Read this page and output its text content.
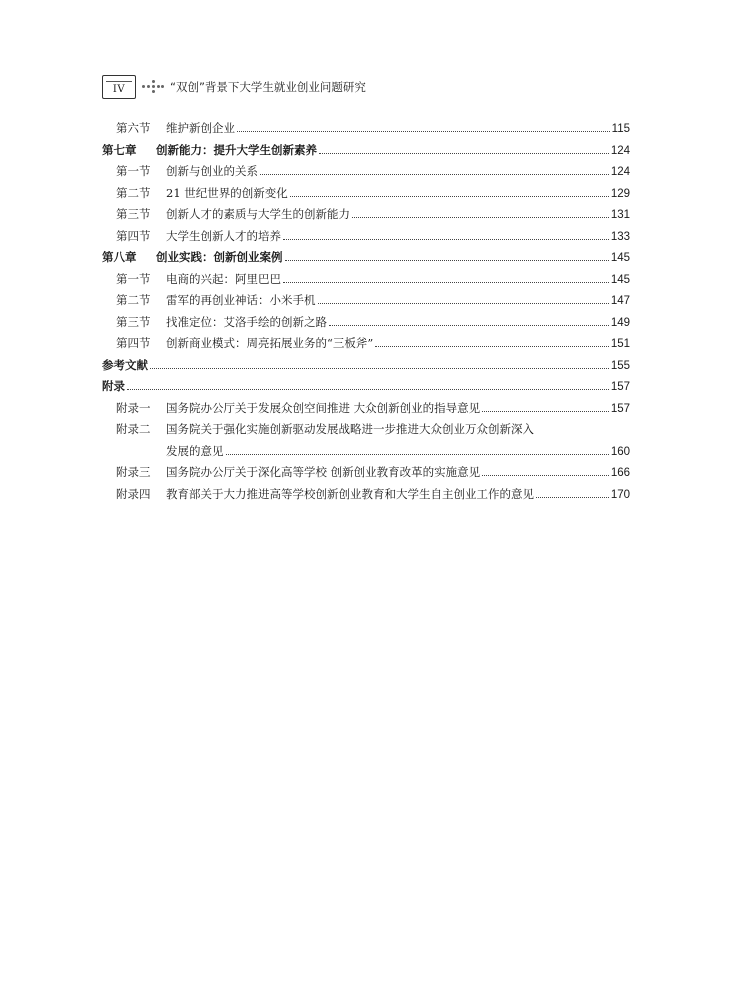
IV	“双创”背景下大学生就业创业问题研究
第六节	维护新创企业	115
第七章	创新能力：提升大学生创新素养	124
第一节	创新与创业的关系	124
第二节	21 世纪世界的创新变化	129
第三节	创新人才的素质与大学生的创新能力	131
第四节	大学生创新人才的培养	133
第八章	创业实践：创新创业案例	145
第一节	电商的兴起：阿里巴巴	145
第二节	雷军的再创业神话：小米手机	147
第三节	找准定位：艾洛手绘的创新之路	149
第四节	创新商业模式：周亮拓展业务的“三板斧”	151
参考文献	155
附录	157
附录一	国务院办公厅关于发展众创空间推进 大众创新创业的指导意见	157
附录二	国务院关于强化实施创新驱动发展战略进一步推进大众创业万众创新深入
发展的意见	160
附录三	国务院办公厅关于深化高等学校 创新创业教育改革的实施意见	166
附录四	教育部关于大力推进高等学校创新创业教育和大学生自主创业工作的意见	170
